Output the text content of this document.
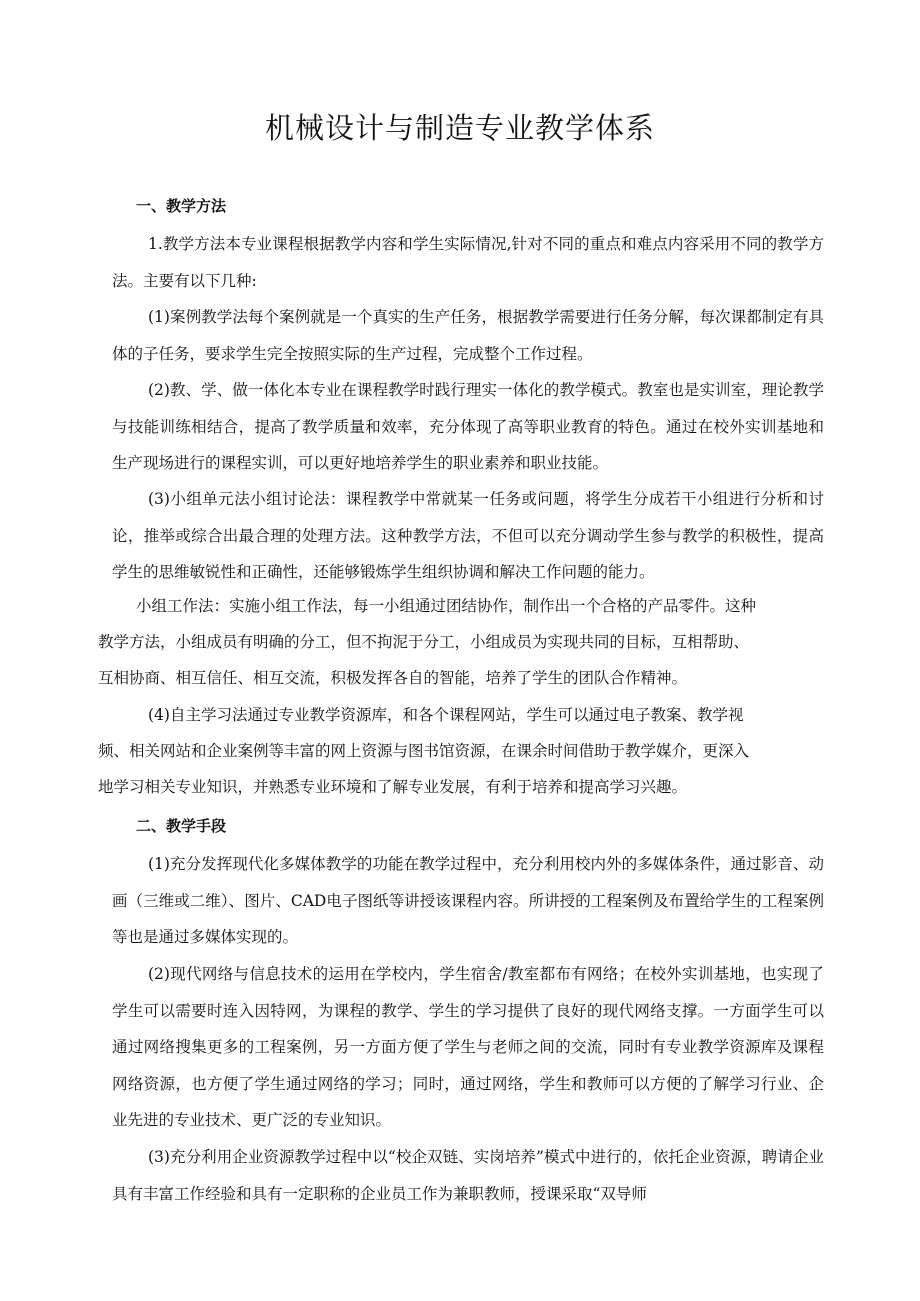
机械设计与制造专业教学体系
一、教学方法

1.教学方法本专业课程根据教学内容和学生实际情况,针对不同的重点和难点内容采用不同的教学方法。主要有以下几种:

(1)案例教学法每个案例就是一个真实的生产任务，根据教学需要进行任务分解，每次课都制定有具体的子任务，要求学生完全按照实际的生产过程，完成整个工作过程。

(2)教、学、做一体化本专业在课程教学时践行理实一体化的教学模式。教室也是实训室，理论教学与技能训练相结合，提高了教学质量和效率，充分体现了高等职业教育的特色。通过在校外实训基地和生产现场进行的课程实训，可以更好地培养学生的职业素养和职业技能。

(3)小组单元法小组讨论法：课程教学中常就某一任务或问题，将学生分成若干小组进行分析和讨论，推举或综合出最合理的处理方法。这种教学方法，不但可以充分调动学生参与教学的积极性，提高学生的思维敏锐性和正确性，还能够锻炼学生组织协调和解决工作问题的能力。

小组工作法：实施小组工作法，每一小组通过团结协作，制作出一个合格的产品零件。这种
教学方法，小组成员有明确的分工，但不拘泥于分工，小组成员为实现共同的目标，互相帮助、
互相协商、相互信任、相互交流，积极发挥各自的智能，培养了学生的团队合作精神。
(4)自主学习法通过专业教学资源库，和各个课程网站，学生可以通过电子教案、教学视
频、相关网站和企业案例等丰富的网上资源与图书馆资源，在课余时间借助于教学媒介，更深入
地学习相关专业知识，并熟悉专业环境和了解专业发展，有利于培养和提高学习兴趣。
二、教学手段

(1)充分发挥现代化多媒体教学的功能在教学过程中，充分利用校内外的多媒体条件，通过影音、动画（三维或二维）、图片、CAD电子图纸等讲授该课程内容。所讲授的工程案例及布置给学生的工程案例等也是通过多媒体实现的。

(2)现代网络与信息技术的运用在学校内，学生宿舍/教室都布有网络；在校外实训基地，也实现了学生可以需要时连入因特网，为课程的教学、学生的学习提供了良好的现代网络支撑。一方面学生可以通过网络搜集更多的工程案例，另一方面方便了学生与老师之间的交流，同时有专业教学资源库及课程网络资源，也方便了学生通过网络的学习；同时，通过网络，学生和教师可以方便的了解学习行业、企业先进的专业技术、更广泛的专业知识。

(3)充分利用企业资源教学过程中以“校企双链、实岗培养”模式中进行的，依托企业资源，聘请企业具有丰富工作经验和具有一定职称的企业员工作为兼职教师，授课采取“双导师
